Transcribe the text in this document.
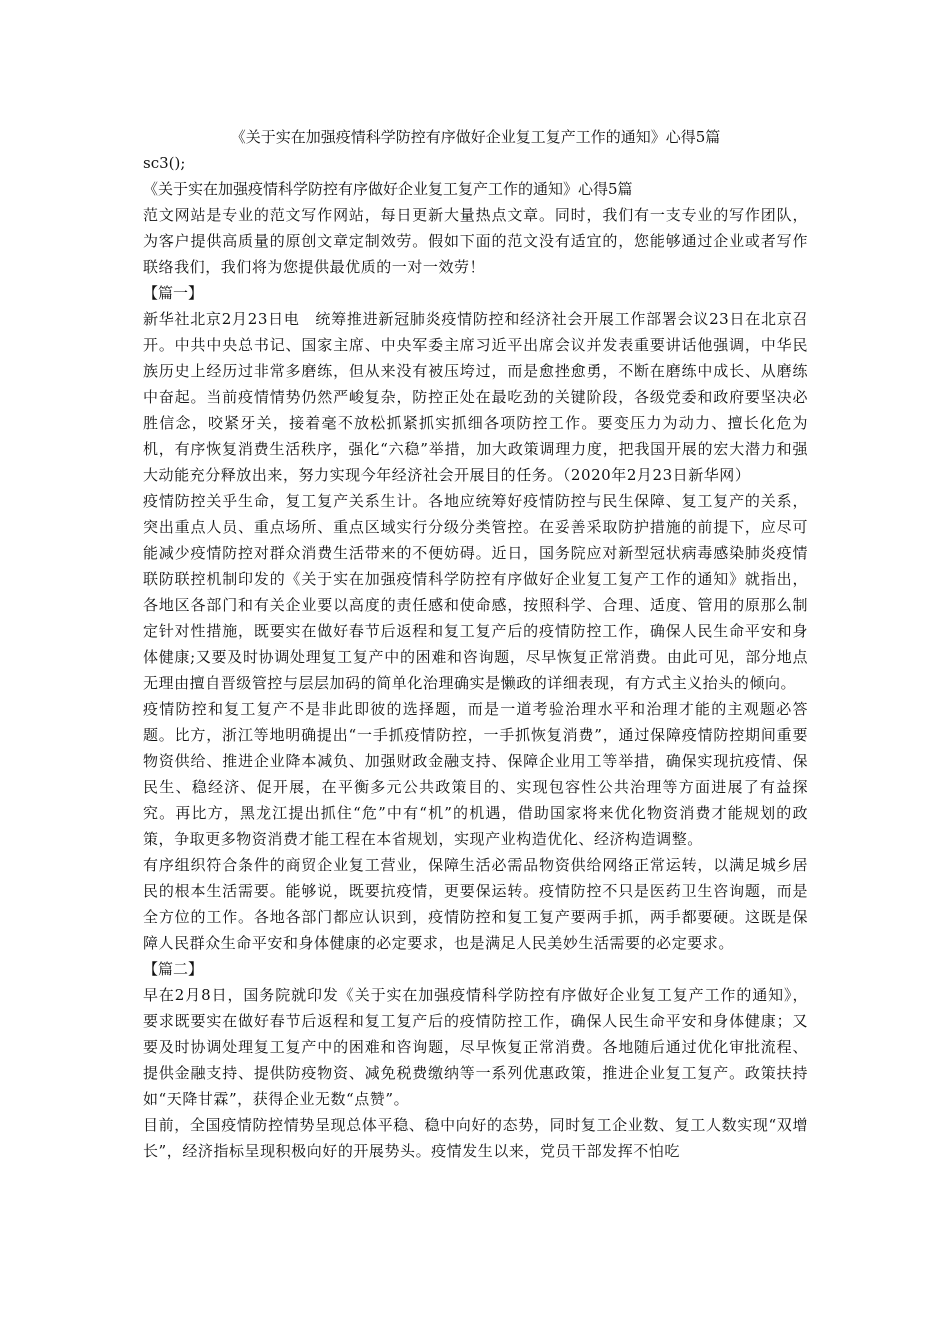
《关于实在加强疫情科学防控有序做好企业复工复产工作的通知》心得5篇

sc3();

《关于实在加强疫情科学防控有序做好企业复工复产工作的通知》心得5篇

范文网站是专业的范文写作网站，每日更新大量热点文章。同时，我们有一支专业的写作团队，为客户提供高质量的原创文章定制效劳。假如下面的范文没有适宜的，您能够通过企业或者写作联络我们，我们将为您提供最优质的一对一效劳！

【篇一】

新华社北京2月23日电　统筹推进新冠肺炎疫情防控和经济社会开展工作部署会议23日在北京召开。中共中央总书记、国家主席、中央军委主席习近平出席会议并发表重要讲话他强调，中华民族历史上经历过非常多磨练，但从来没有被压垮过，而是愈挫愈勇，不断在磨练中成长、从磨练中奋起。当前疫情情势仍然严峻复杂，防控正处在最吃劲的关键阶段，各级党委和政府要坚决必胜信念，咬紧牙关，接着毫不放松抓紧抓实抓细各项防控工作。要变压力为动力、擅长化危为机，有序恢复消费生活秩序，强化“六稳”举措，加大政策调理力度，把我国开展的宏大潜力和强大动能充分释放出来，努力实现今年经济社会开展目的任务。（2020年2月23日新华网）

疫情防控关乎生命，复工复产关系生计。各地应统筹好疫情防控与民生保障、复工复产的关系，突出重点人员、重点场所、重点区域实行分级分类管控。在妥善采取防护措施的前提下，应尽可能减少疫情防控对群众消费生活带来的不便妨碍。近日，国务院应对新型冠状病毒感染肺炎疫情联防联控机制印发的《关于实在加强疫情科学防控有序做好企业复工复产工作的通知》就指出，各地区各部门和有关企业要以高度的责任感和使命感，按照科学、合理、适度、管用的原那么制定针对性措施，既要实在做好春节后返程和复工复产后的疫情防控工作，确保人民生命平安和身体健康;又要及时协调处理复工复产中的困难和咨询题，尽早恢复正常消费。由此可见，部分地点无理由擅自晋级管控与层层加码的简单化治理确实是懒政的详细表现，有方式主义抬头的倾向。

疫情防控和复工复产不是非此即彼的选择题，而是一道考验治理水平和治理才能的主观题必答题。比方，浙江等地明确提出“一手抓疫情防控，一手抓恢复消费”，通过保障疫情防控期间重要物资供给、推进企业降本减负、加强财政金融支持、保障企业用工等举措，确保实现抗疫情、保民生、稳经济、促开展，在平衡多元公共政策目的、实现包容性公共治理等方面进展了有益探究。再比方，黑龙江提出抓住“危”中有“机”的机遇，借助国家将来优化物资消费才能规划的政策，争取更多物资消费才能工程在本省规划，实现产业构造优化、经济构造调整。

有序组织符合条件的商贸企业复工营业，保障生活必需品物资供给网络正常运转，以满足城乡居民的根本生活需要。能够说，既要抗疫情，更要保运转。疫情防控不只是医药卫生咨询题，而是全方位的工作。各地各部门都应认识到，疫情防控和复工复产要两手抓，两手都要硬。这既是保障人民群众生命平安和身体健康的必定要求，也是满足人民美妙生活需要的必定要求。

【篇二】

早在2月8日，国务院就印发《关于实在加强疫情科学防控有序做好企业复工复产工作的通知》，要求既要实在做好春节后返程和复工复产后的疫情防控工作，确保人民生命平安和身体健康；又要及时协调处理复工复产中的困难和咨询题，尽早恢复正常消费。各地随后通过优化审批流程、提供金融支持、提供防疫物资、减免税费缴纳等一系列优惠政策，推进企业复工复产。政策扶持如“天降甘霖”，获得企业无数“点赞”。

目前，全国疫情防控情势呈现总体平稳、稳中向好的态势，同时复工企业数、复工人数实现“双增长”，经济指标呈现积极向好的开展势头。疫情发生以来，党员干部发挥不怕吃
